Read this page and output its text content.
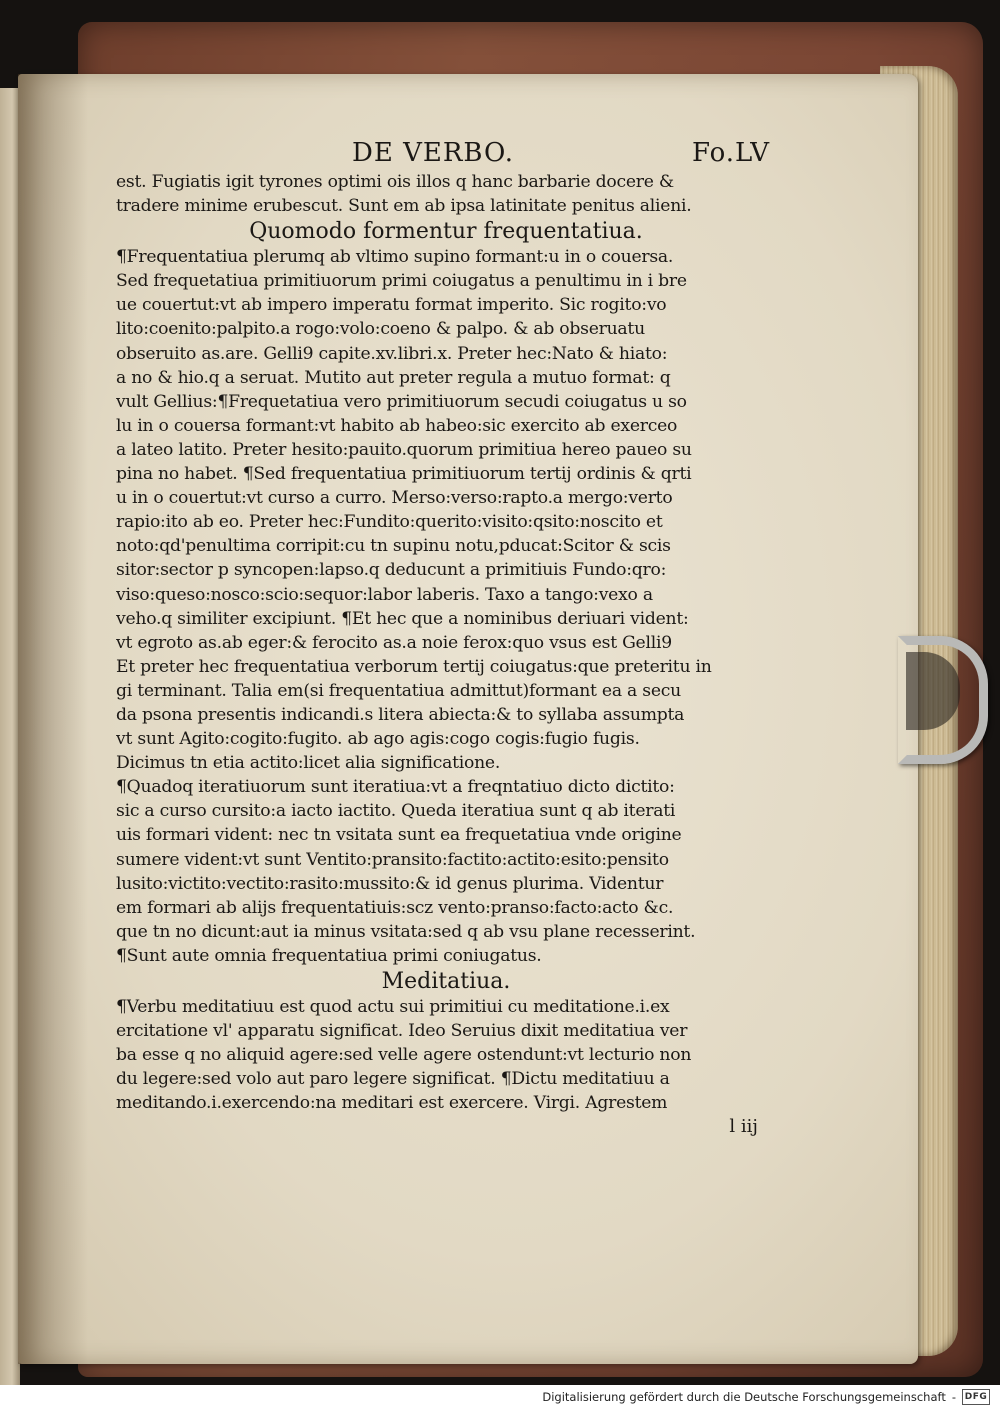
DE VERBO.	Fo.LV
est. Fugiatis igit tyrones optimi ois illos q hanc barbarie docere &
tradere minime erubescut. Sunt em ab ipsa latinitate penitus alieni.
Quomodo formentur frequentatiua.
¶Frequentatiua plerumq ab vltimo supino formant:u in o couersa.
Sed frequetatiua primitiuorum primi coiugatus a penultimu in i bre
ue couertut:vt ab impero imperatu format imperito. Sic rogito:vo
lito:coenito:palpito.a rogo:volo:coeno & palpo. & ab obseruatu
obseruito as.are. Gelli9 capite.xv.libri.x. Preter hec:Nato & hiato:
a no & hio.q a seruat. Mutito aut preter regula a mutuo format: q
vult Gellius:¶Frequetatiua vero primitiuorum secudi coiugatus u so
lu in o couersa formant:vt habito ab habeo:sic exercito ab exerceo
a lateo latito. Preter hesito:pauito.quorum primitiua hereo paueo su
pina no habet. ¶Sed frequentatiua primitiuorum tertij ordinis & qrti
u in o couertut:vt curso a curro. Merso:verso:rapto.a mergo:verto
rapio:ito ab eo. Preter hec:Fundito:querito:visito:qsito:noscito et
noto:qd'penultima corripit:cu tn supinu notu,pducat:Scitor & scis
sitor:sector p syncopen:lapso.q deducunt a primitiuis Fundo:qro:
viso:queso:nosco:scio:sequor:labor laberis. Taxo a tango:vexo a
veho.q similiter excipiunt. ¶Et hec que a nominibus deriuari vident:
vt egroto as.ab eger:& ferocito as.a noie ferox:quo vsus est Gelli9
Et preter hec frequentatiua verborum tertij coiugatus:que preteritu in
gi terminant. Talia em(si frequentatiua admittut)formant ea a secu
da psona presentis indicandi.s litera abiecta:& to syllaba assumpta
vt sunt Agito:cogito:fugito. ab ago agis:cogo cogis:fugio fugis.
Dicimus tn etia actito:licet alia significatione.
¶Quadoq iteratiuorum sunt iteratiua:vt a freqntatiuo dicto dictito:
sic a curso cursito:a iacto iactito. Queda iteratiua sunt q ab iterati
uis formari vident: nec tn vsitata sunt ea frequetatiua vnde origine
sumere vident:vt sunt Ventito:pransito:factito:actito:esito:pensito
lusito:victito:vectito:rasito:mussito:& id genus plurima. Videntur
em formari ab alijs frequentatiuis:scz vento:pranso:facto:acto &c.
que tn no dicunt:aut ia minus vsitata:sed q ab vsu plane recesserint.
¶Sunt aute omnia frequentatiua primi coniugatus.
Meditatiua.
¶Verbu meditatiuu est quod actu sui primitiui cu meditatione.i.ex
ercitatione vl' apparatu significat. Ideo Seruius dixit meditatiua ver
ba esse q no aliquid agere:sed velle agere ostendunt:vt lecturio non
du legere:sed volo aut paro legere significat. ¶Dictu meditatiuu a
meditando.i.exercendo:na meditari est exercere. Virgi. Agrestem
l iij
Digitalisierung gefördert durch die Deutsche Forschungsgemeinschaft - DFG
